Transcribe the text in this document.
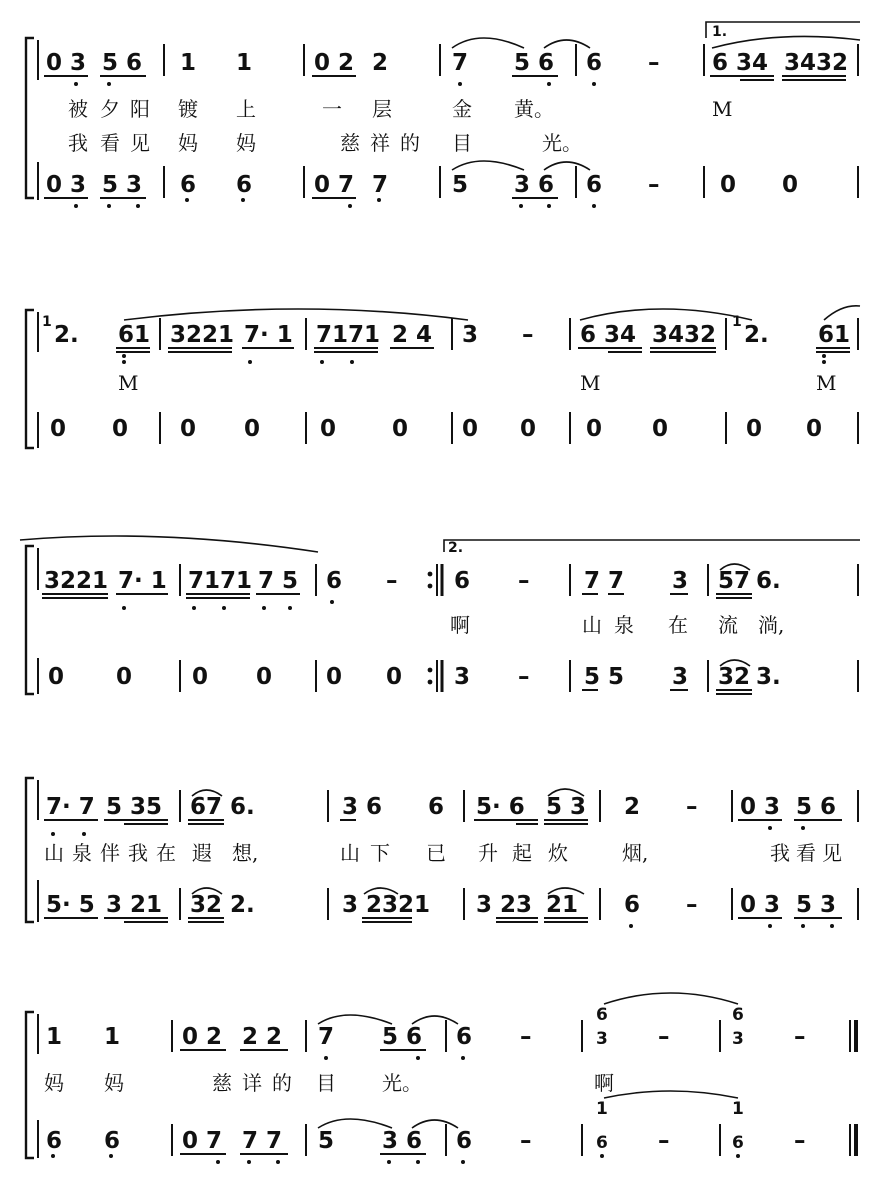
1.
0 3 5 6 1 1	0 2 2	7 5 6 6 – 6 34 3432
被 夕 阳 镀 上	一 层	金 黄。	M
我 看 见 妈 妈	慈 祥 的 目	光。
0 3 5 3 6 6	0 7 7	5 3 6 6 –	0 0
1 2. 61 3221 7· 1 7171 2 4 3 – 6 34 3432 1 2. 61
M	M	M
0 0 0 0	0 0 0 0 0 0	0 0
2.
3221 7· 1 7171 7 5 6 – 6 – 7 7 3 57 6.
啊	山 泉 在 流 淌,
0 0	0 0 0 0 3 – 5 5 3 32 3.
7· 7 5 35 67 6.	3 6 6 5· 6 5 3 2 – 0 3 5 6
山 泉 伴 我 在 遐 想,	山 下 已 升 起 炊	烟,	我 看 见
5· 5 3 21 32 2.	3 2321 3 23 21 6 – 0 3 5 3
1 1	0 2 2 2 7 5 6 6 –
6
3 –
6
3 –
妈 妈	慈 详 的 目 光。	啊
6 6	0 7 7 7 5 3 6 6 –
1
6 –
1
6 –
